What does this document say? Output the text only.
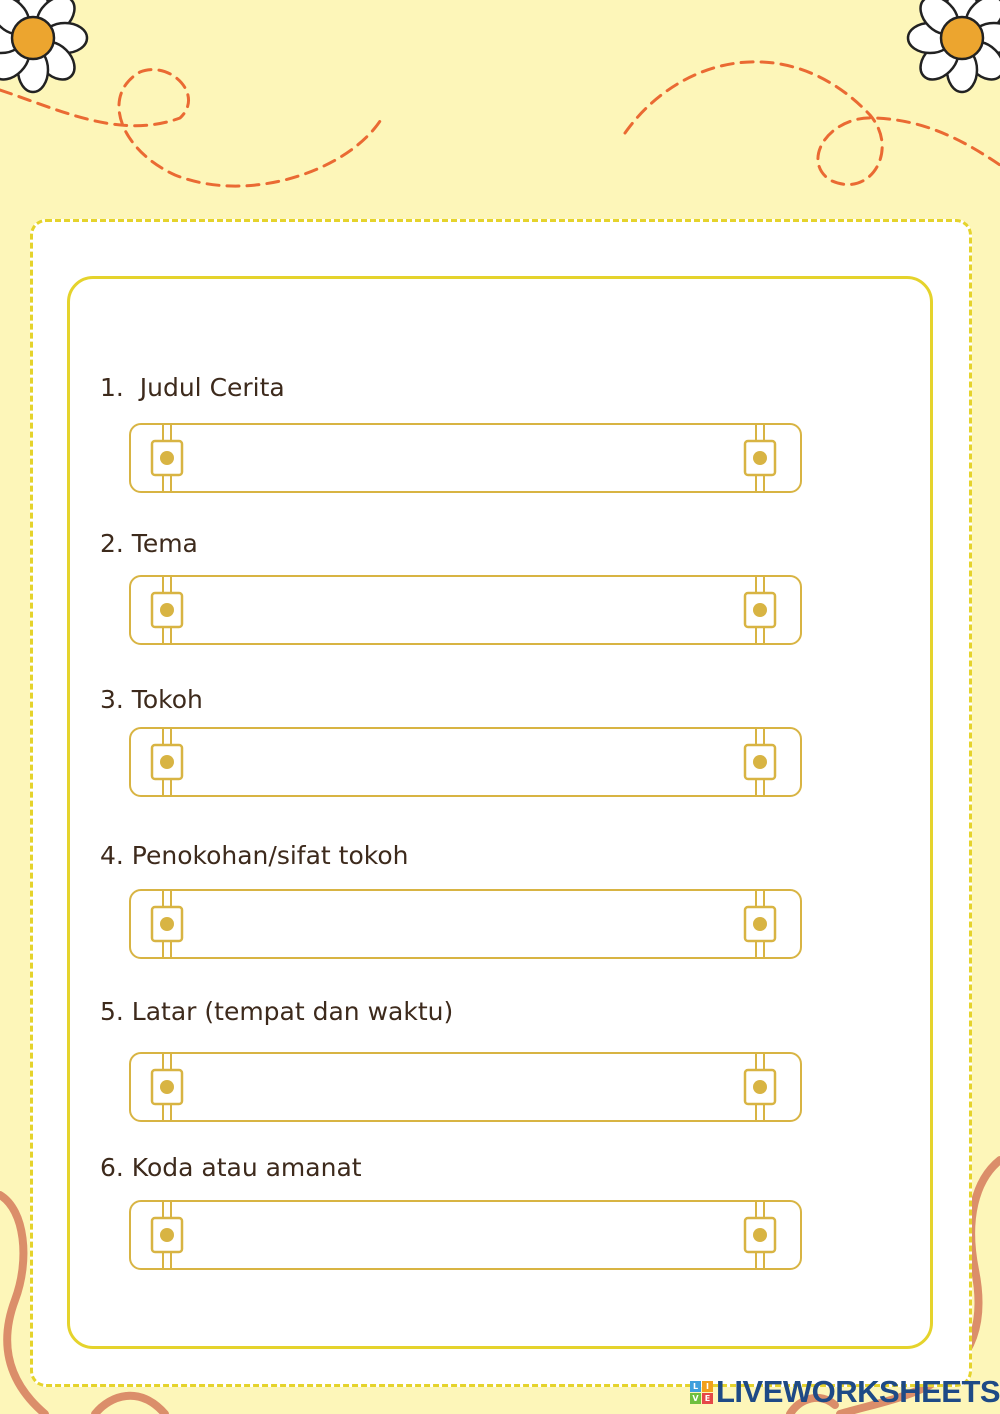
1.  Judul Cerita
2. Tema
3. Tokoh
4. Penokohan/sifat tokoh
5. Latar (tempat dan waktu)
6. Koda atau amanat
L I
V E LIVEWORKSHEETS
